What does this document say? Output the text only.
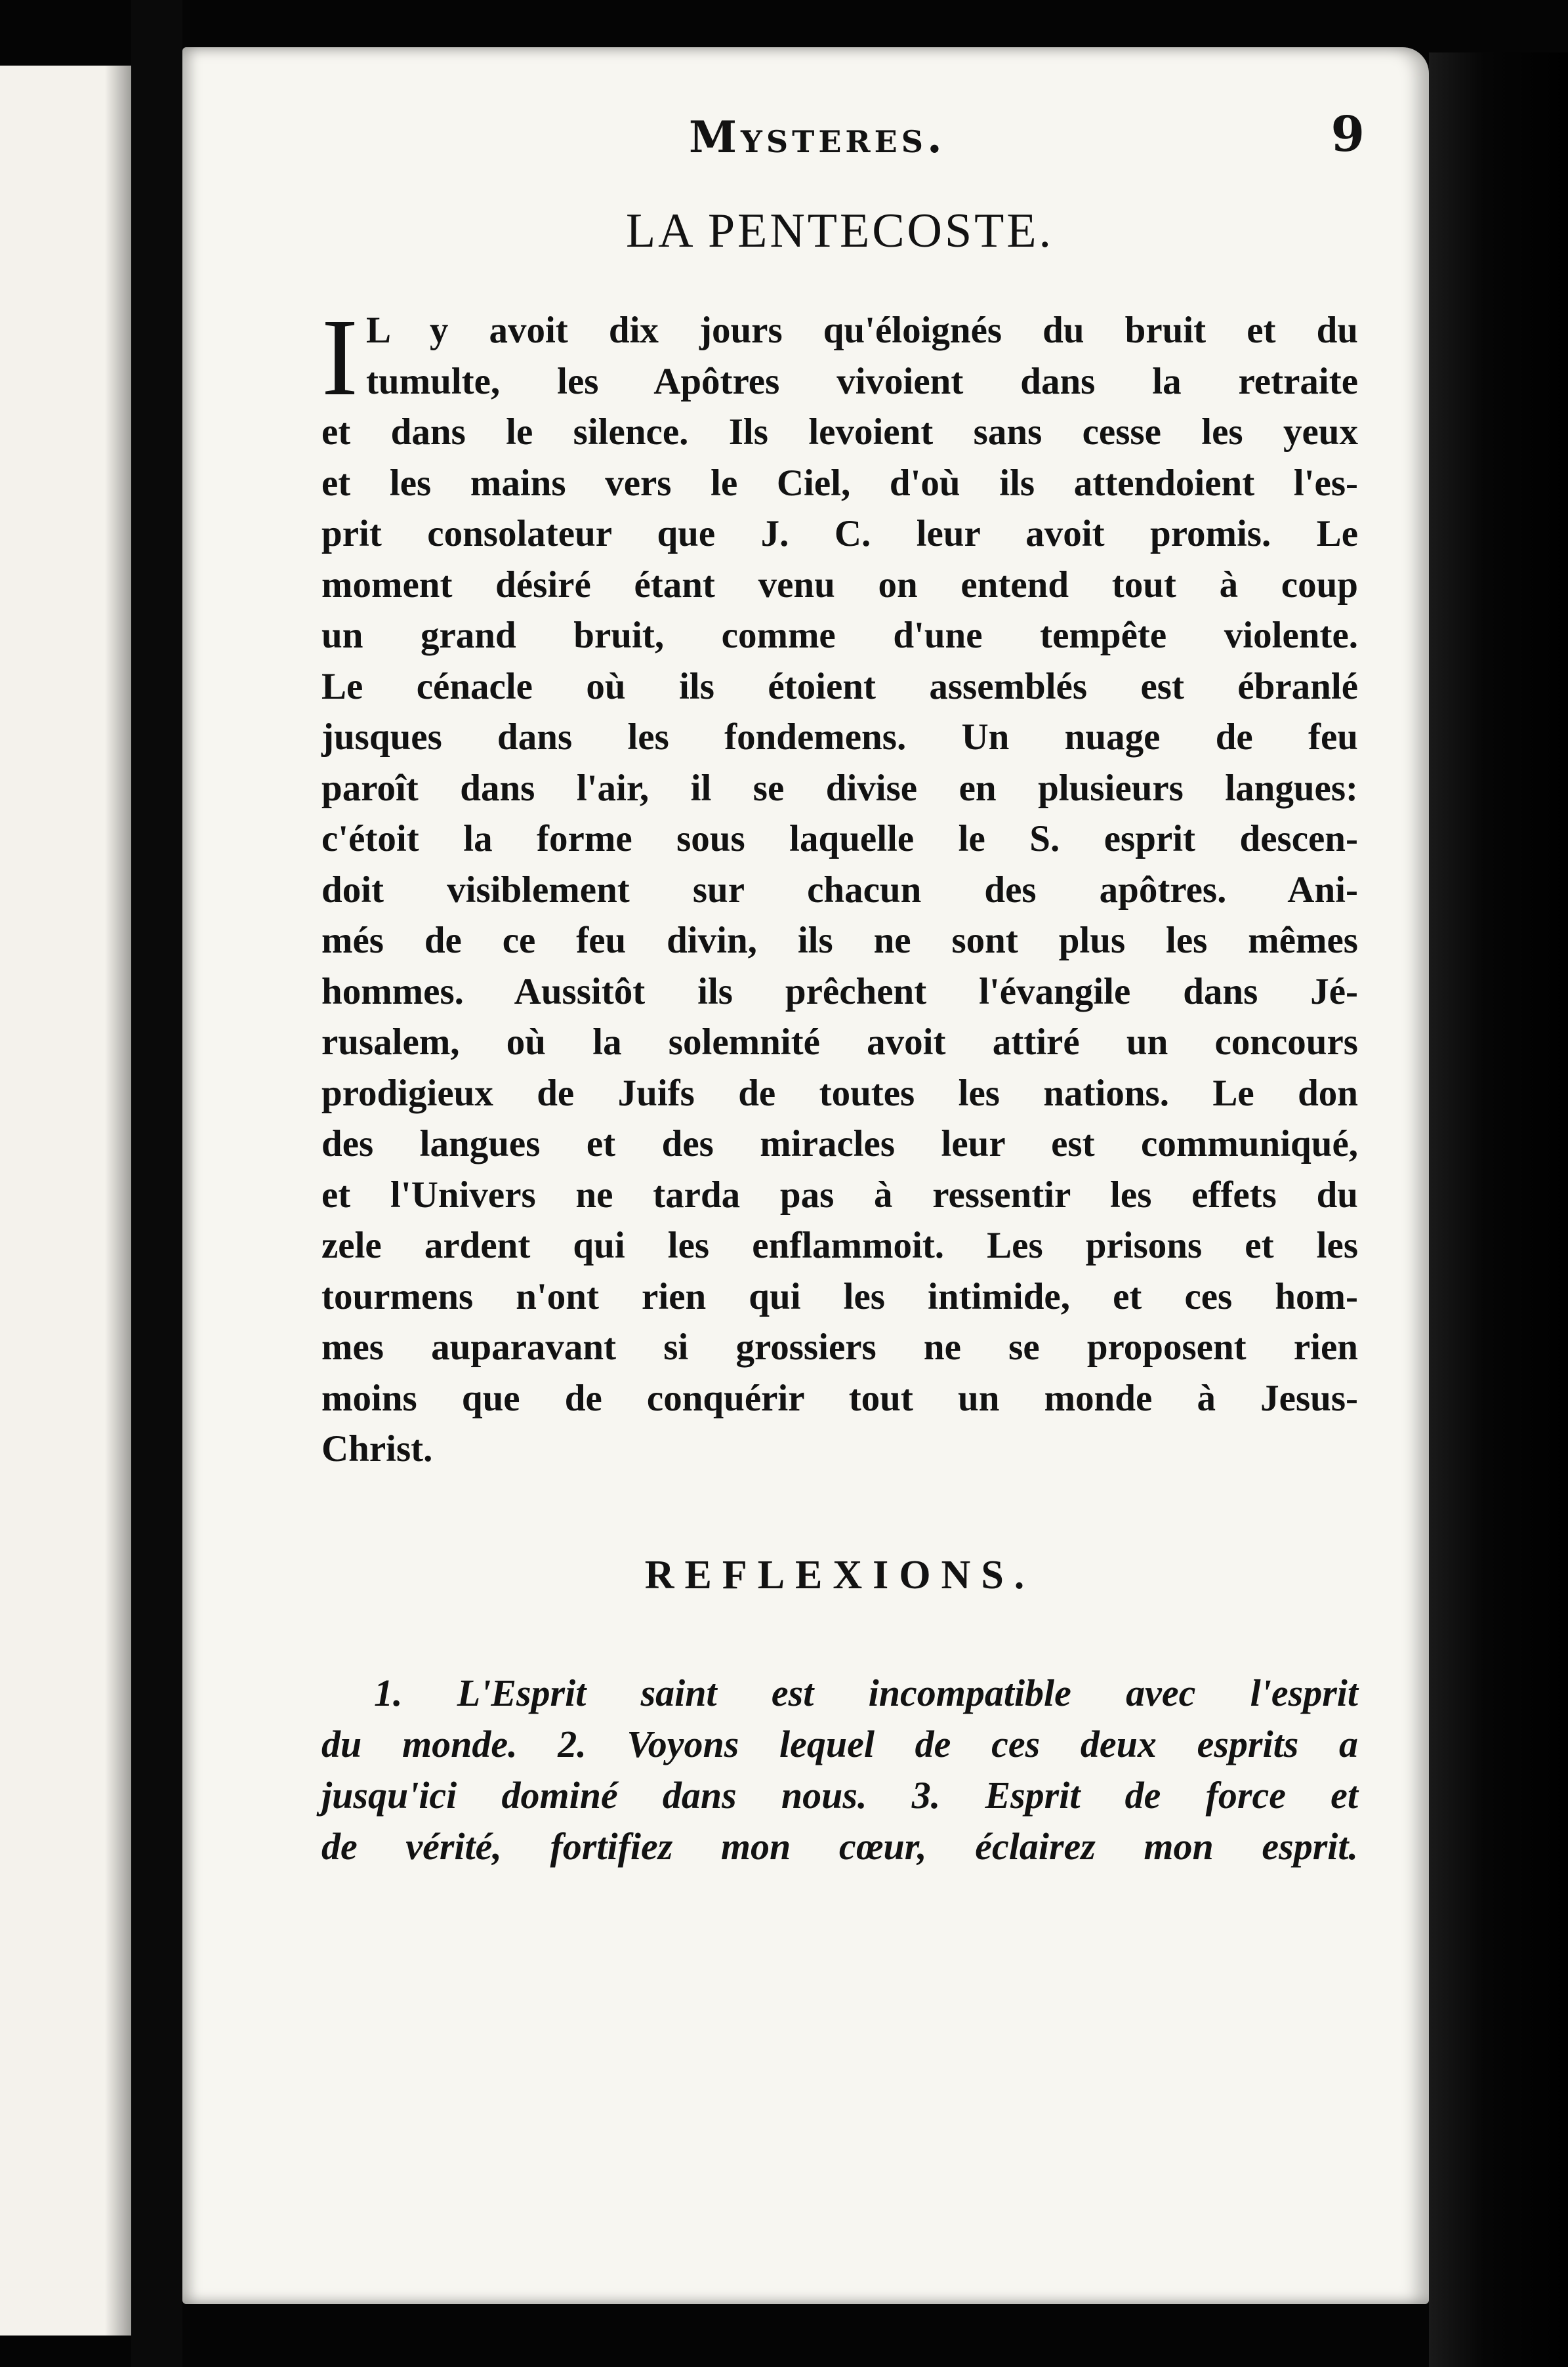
Mysteres.	9
LA PENTECOSTE.
I L y avoit dix jours qu'éloignés du bruit et du
tumulte, les Apôtres vivoient dans la retraite
et dans le silence. Ils levoient sans cesse les yeux
et les mains vers le Ciel, d'où ils attendoient l'es-
prit consolateur que J. C. leur avoit promis. Le
moment désiré étant venu on entend tout à coup
un grand bruit, comme d'une tempête violente.
Le cénacle où ils étoient assemblés est ébranlé
jusques dans les fondemens. Un nuage de feu
paroît dans l'air, il se divise en plusieurs langues:
c'étoit la forme sous laquelle le S. esprit descen-
doit visiblement sur chacun des apôtres. Ani-
més de ce feu divin, ils ne sont plus les mêmes
hommes. Aussitôt ils prêchent l'évangile dans Jé-
rusalem, où la solemnité avoit attiré un concours
prodigieux de Juifs de toutes les nations. Le don
des langues et des miracles leur est communiqué,
et l'Univers ne tarda pas à ressentir les effets du
zele ardent qui les enflammoit. Les prisons et les
tourmens n'ont rien qui les intimide, et ces hom-
mes auparavant si grossiers ne se proposent rien
moins que de conquérir tout un monde à Jesus-
Christ.
REFLEXIONS.
1. L'Esprit saint est incompatible avec l'esprit
du monde. 2. Voyons lequel de ces deux esprits a
jusqu'ici dominé dans nous. 3. Esprit de force et
de vérité, fortifiez mon cœur, éclairez mon esprit.
